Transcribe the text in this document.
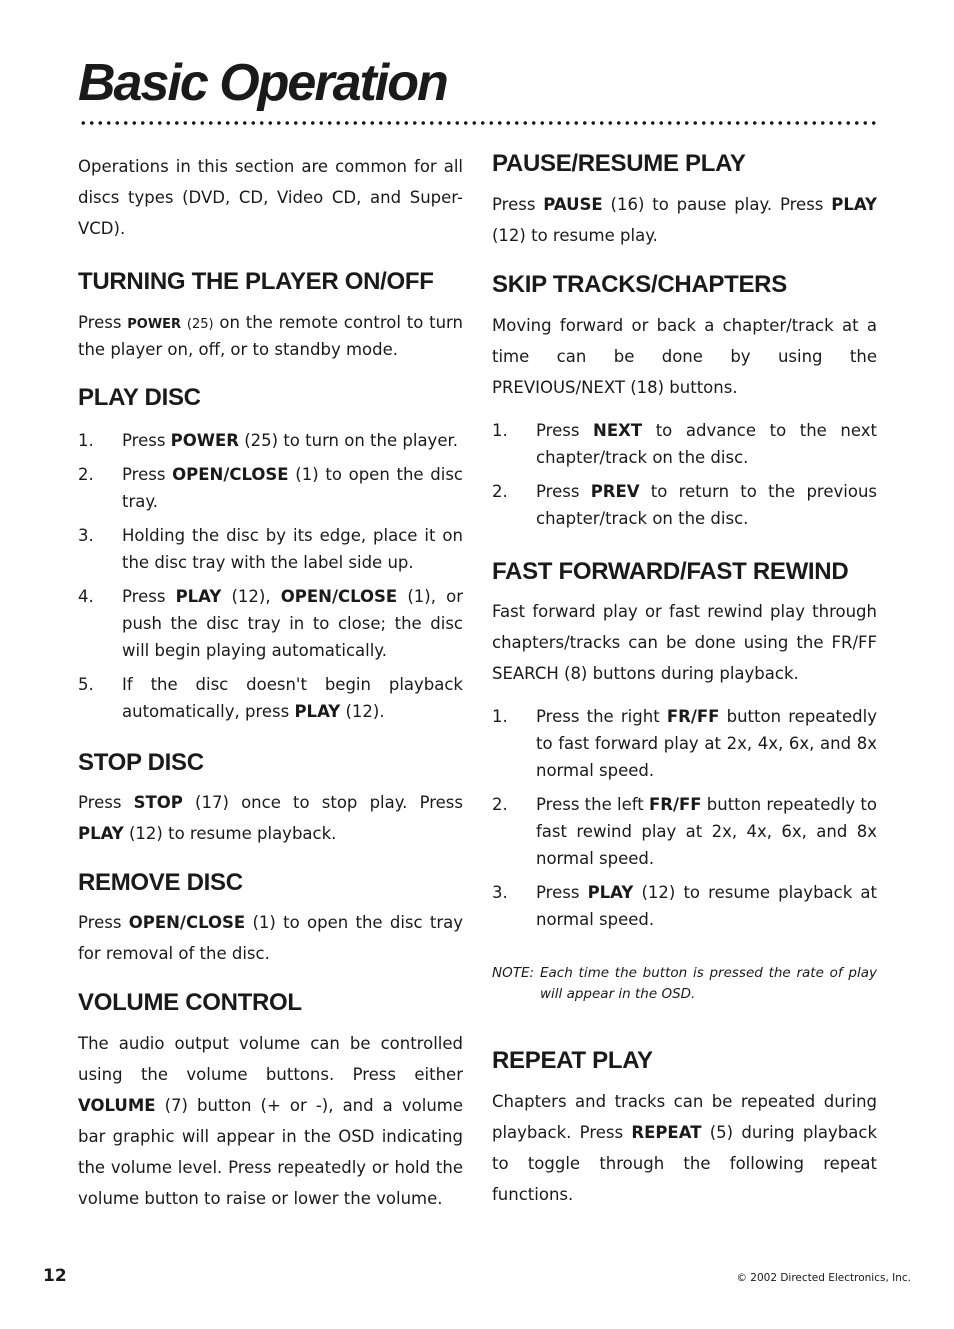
Basic Operation

Operations in this section are common for all discs types (DVD, CD, Video CD, and Super-VCD).

TURNING THE PLAYER ON/OFF

Press POWER (25) on the remote control to turn the player on, off, or to standby mode.

PLAY DISC
1. Press POWER (25) to turn on the player.
2. Press OPEN/CLOSE (1) to open the disc tray.
3. Holding the disc by its edge, place it on the disc tray with the label side up.
4. Press PLAY (12), OPEN/CLOSE (1), or push the disc tray in to close; the disc will begin playing automatically.
5. If the disc doesn't begin playback automatically, press PLAY (12).
STOP DISC

Press STOP (17) once to stop play. Press PLAY (12) to resume playback.

REMOVE DISC

Press OPEN/CLOSE (1) to open the disc tray for removal of the disc.

VOLUME CONTROL

The audio output volume can be controlled using the volume buttons. Press either VOLUME (7) button (+ or -), and a volume bar graphic will appear in the OSD indicating the volume level. Press repeatedly or hold the volume button to raise or lower the volume.

PAUSE/RESUME PLAY

Press PAUSE (16) to pause play. Press PLAY (12) to resume play.

SKIP TRACKS/CHAPTERS

Moving forward or back a chapter/track at a time can be done by using the PREVIOUS/NEXT (18) buttons.

1. Press NEXT to advance to the next chapter/track on the disc.
2. Press PREV to return to the previous chapter/track on the disc.
FAST FORWARD/FAST REWIND

Fast forward play or fast rewind play through chapters/tracks can be done using the FR/FF SEARCH (8) buttons during playback.

1. Press the right FR/FF button repeatedly to fast forward play at 2x, 4x, 6x, and 8x normal speed.
2. Press the left FR/FF button repeatedly to fast rewind play at 2x, 4x, 6x, and 8x normal speed.
3. Press PLAY (12) to resume playback at normal speed.

NOTE: Each time the button is pressed the rate of play will appear in the OSD.

REPEAT PLAY

Chapters and tracks can be repeated during playback. Press REPEAT (5) during playback to toggle through the following repeat functions.

12	© 2002 Directed Electronics, Inc.
